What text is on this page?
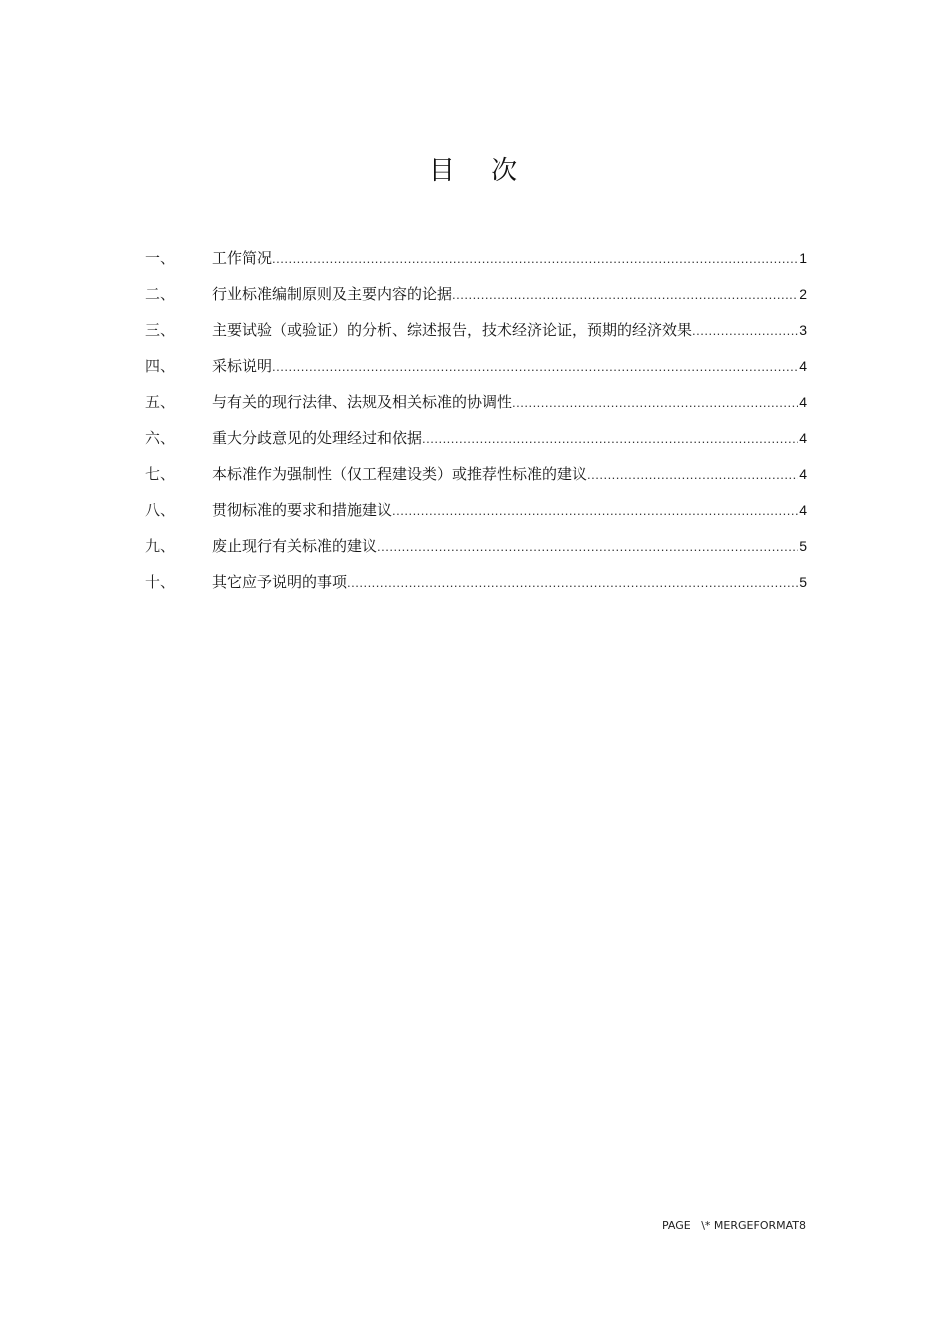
目 次
一、	工作简况 .....	1
二、	行业标准编制原则及主要内容的论据 .....	2
三、	主要试验（或验证）的分析、综述报告，技术经济论证，预期的经济效果 .....	3
四、	采标说明 .....	4
五、	与有关的现行法律、法规及相关标准的协调性 .....	4
六、	重大分歧意见的处理经过和依据 .....	4
七、	本标准作为强制性（仅工程建设类）或推荐性标准的建议 .....	4
八、	贯彻标准的要求和措施建议 .....	4
九、	废止现行有关标准的建议 .....	5
十、	其它应予说明的事项 .....	5
PAGE   \* MERGEFORMAT8
